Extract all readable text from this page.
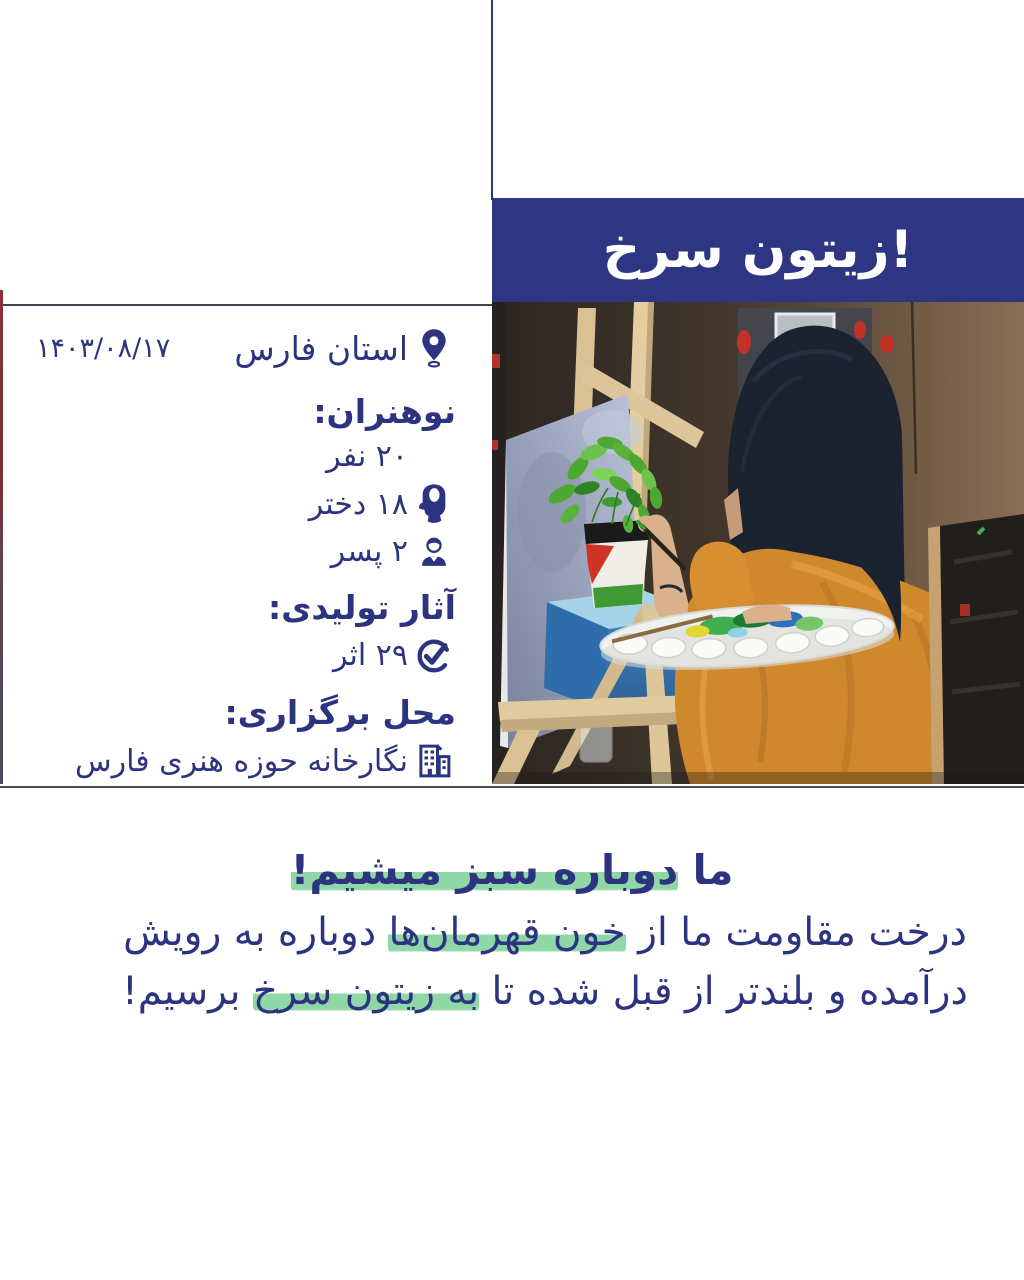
زیتون سرخ!
استان فارس
۱۴۰۳/۰۸/۱۷
نوهنران:
۲۰ نفر
۱۸ دختر
۲ پسر
آثار تولیدی:
۲۹ اثر
محل برگزاری:
نگارخانه حوزه هنری فارس
ما دوباره سبز میشیم!

درخت مقاومت ما از خون قهرمان‌ها دوباره به رویش درآمده و بلندتر از قبل شده تا به زیتون سرخ برسیم!
